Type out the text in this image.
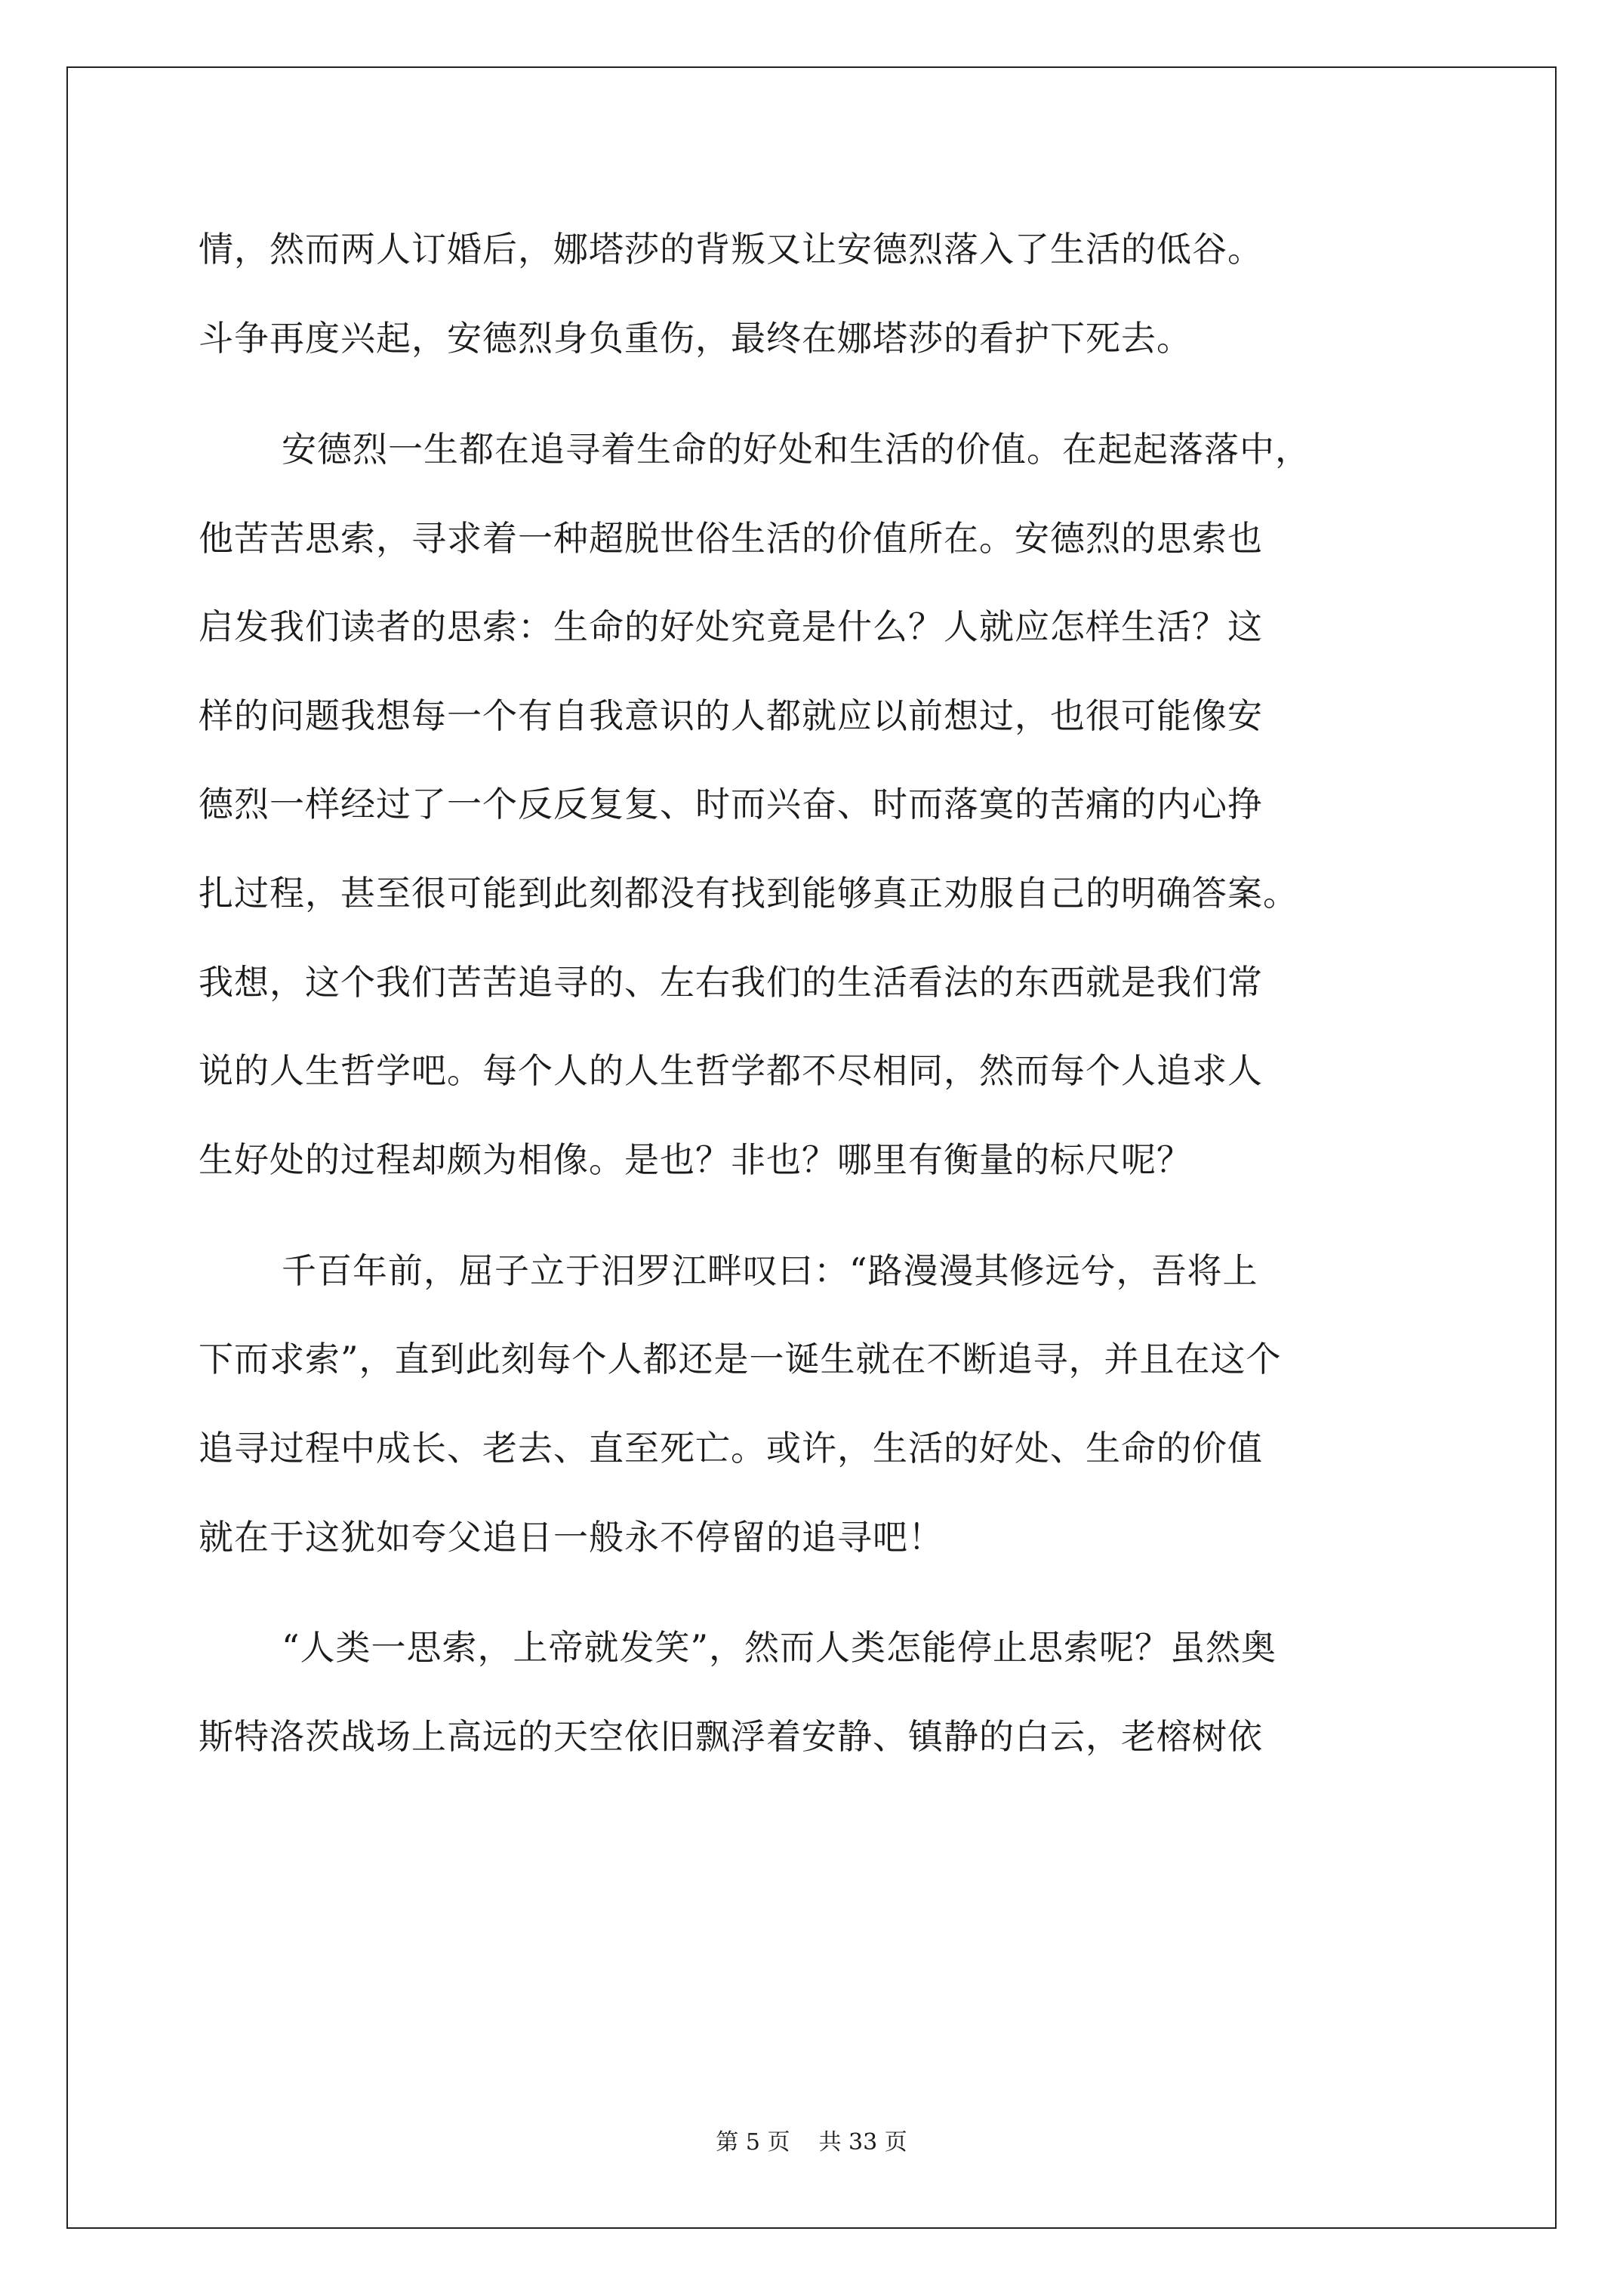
情，然而两人订婚后，娜塔莎的背叛又让安德烈落入了生活的低谷。
斗争再度兴起，安德烈身负重伤，最终在娜塔莎的看护下死去。
安德烈一生都在追寻着生命的好处和生活的价值。在起起落落中，
他苦苦思索，寻求着一种超脱世俗生活的价值所在。安德烈的思索也
启发我们读者的思索：生命的好处究竟是什么？人就应怎样生活？这
样的问题我想每一个有自我意识的人都就应以前想过，也很可能像安
德烈一样经过了一个反反复复、时而兴奋、时而落寞的苦痛的内心挣
扎过程，甚至很可能到此刻都没有找到能够真正劝服自己的明确答案。
我想，这个我们苦苦追寻的、左右我们的生活看法的东西就是我们常
说的人生哲学吧。每个人的人生哲学都不尽相同，然而每个人追求人
生好处的过程却颇为相像。是也？非也？哪里有衡量的标尺呢？
千百年前，屈子立于汨罗江畔叹曰：“路漫漫其修远兮，吾将上
下而求索”，直到此刻每个人都还是一诞生就在不断追寻，并且在这个
追寻过程中成长、老去、直至死亡。或许，生活的好处、生命的价值
就在于这犹如夸父追日一般永不停留的追寻吧！
“人类一思索，上帝就发笑”，然而人类怎能停止思索呢？虽然奥
斯特洛茨战场上高远的天空依旧飘浮着安静、镇静的白云，老榕树依
第 5 页 共 33 页
